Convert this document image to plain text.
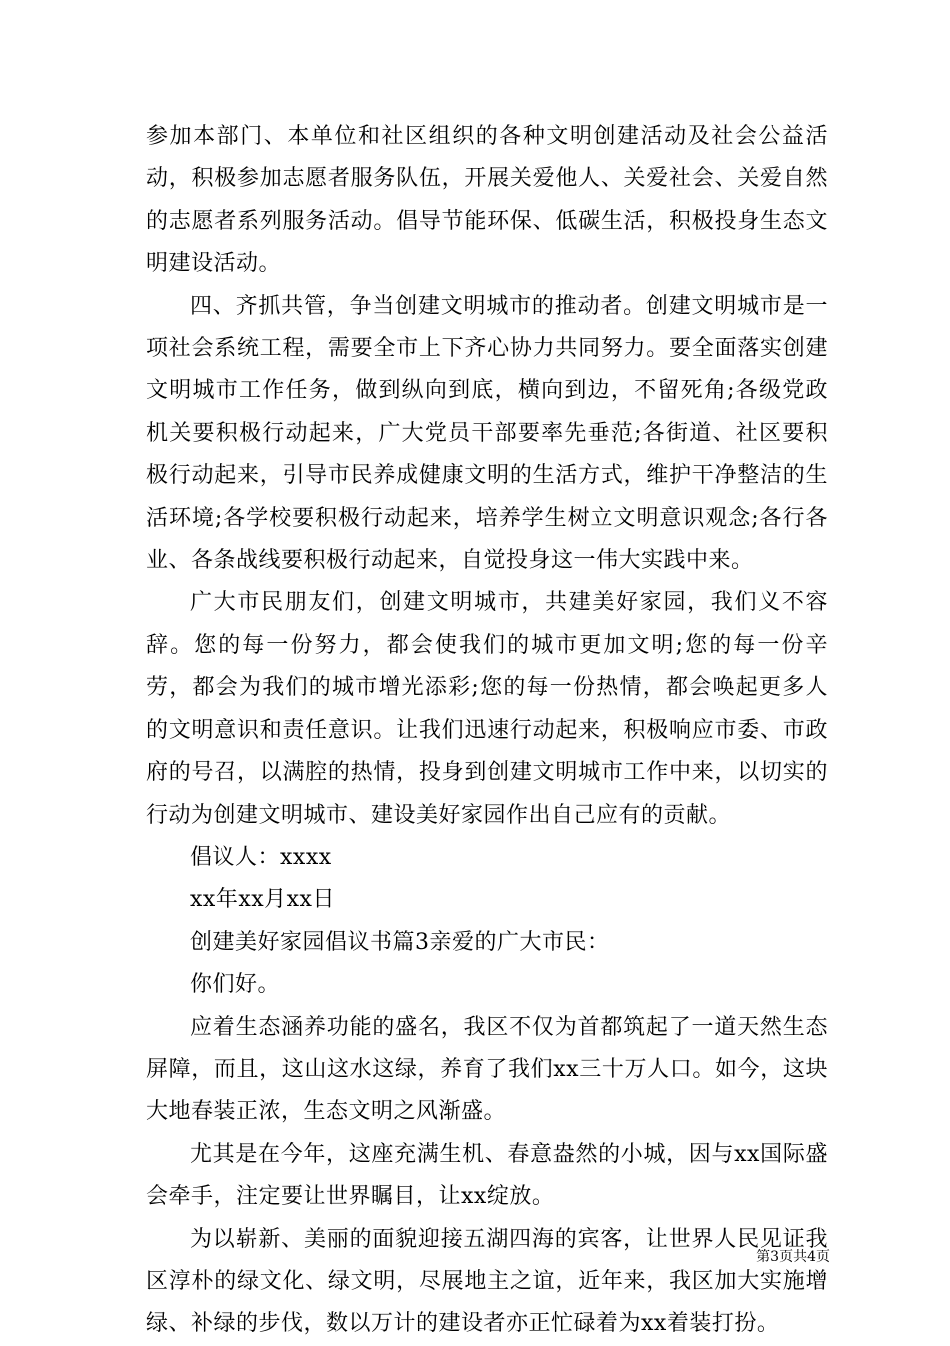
参加本部门、本单位和社区组织的各种文明创建活动及社会公益活动，积极参加志愿者服务队伍，开展关爱他人、关爱社会、关爱自然的志愿者系列服务活动。倡导节能环保、低碳生活，积极投身生态文明建设活动。

四、齐抓共管，争当创建文明城市的推动者。创建文明城市是一项社会系统工程，需要全市上下齐心协力共同努力。要全面落实创建文明城市工作任务，做到纵向到底，横向到边，不留死角;各级党政机关要积极行动起来，广大党员干部要率先垂范;各街道、社区要积极行动起来，引导市民养成健康文明的生活方式，维护干净整洁的生活环境;各学校要积极行动起来，培养学生树立文明意识观念;各行各业、各条战线要积极行动起来，自觉投身这一伟大实践中来。

广大市民朋友们，创建文明城市，共建美好家园，我们义不容辞。您的每一份努力，都会使我们的城市更加文明;您的每一份辛劳，都会为我们的城市增光添彩;您的每一份热情，都会唤起更多人的文明意识和责任意识。让我们迅速行动起来，积极响应市委、市政府的号召，以满腔的热情，投身到创建文明城市工作中来，以切实的行动为创建文明城市、建设美好家园作出自己应有的贡献。

倡议人：xxxx

xx年xx月xx日

创建美好家园倡议书篇3亲爱的广大市民：

你们好。

应着生态涵养功能的盛名，我区不仅为首都筑起了一道天然生态屏障，而且，这山这水这绿，养育了我们xx三十万人口。如今，这块大地春装正浓，生态文明之风渐盛。

尤其是在今年，这座充满生机、春意盎然的小城，因与xx国际盛会牵手，注定要让世界瞩目，让xx绽放。

为以崭新、美丽的面貌迎接五湖四海的宾客，让世界人民见证我区淳朴的绿文化、绿文明，尽展地主之谊，近年来，我区加大实施增绿、补绿的步伐，数以万计的建设者亦正忙碌着为xx着装打扮。

第3页共4页
